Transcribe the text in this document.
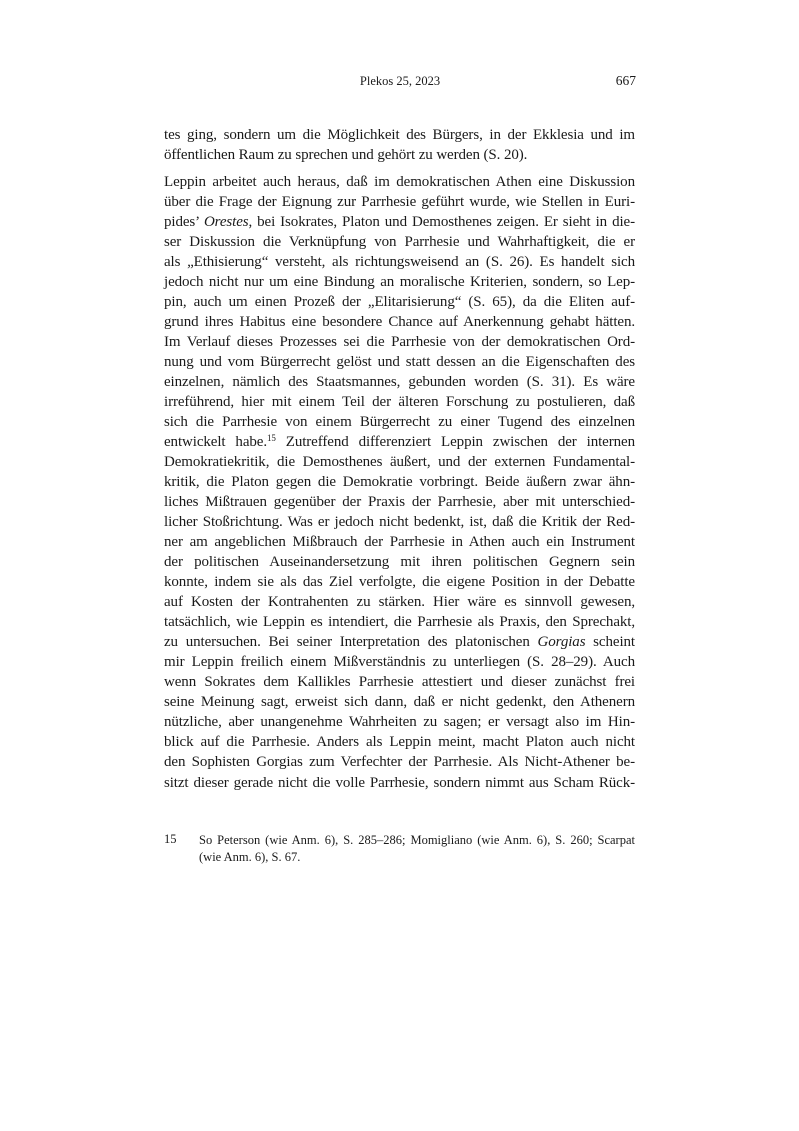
Plekos 25, 2023	667
tes ging, sondern um die Möglichkeit des Bürgers, in der Ekklesia und im
öffentlichen Raum zu sprechen und gehört zu werden (S. 20).
Leppin arbeitet auch heraus, daß im demokratischen Athen eine Diskussion
über die Frage der Eignung zur Parrhesie geführt wurde, wie Stellen in Euri-
pides’ Orestes, bei Isokrates, Platon und Demosthenes zeigen. Er sieht in die-
ser Diskussion die Verknüpfung von Parrhesie und Wahrhaftigkeit, die er
als „Ethisierung“ versteht, als richtungsweisend an (S. 26). Es handelt sich
jedoch nicht nur um eine Bindung an moralische Kriterien, sondern, so Lep-
pin, auch um einen Prozeß der „Elitarisierung“ (S. 65), da die Eliten auf-
grund ihres Habitus eine besondere Chance auf Anerkennung gehabt hätten.
Im Verlauf dieses Prozesses sei die Parrhesie von der demokratischen Ord-
nung und vom Bürgerrecht gelöst und statt dessen an die Eigenschaften des
einzelnen, nämlich des Staatsmannes, gebunden worden (S. 31). Es wäre
irreführend, hier mit einem Teil der älteren Forschung zu postulieren, daß
sich die Parrhesie von einem Bürgerrecht zu einer Tugend des einzelnen
entwickelt habe.$^{15}$ Zutreffend differenziert Leppin zwischen der internen
Demokratiekritik, die Demosthenes äußert, und der externen Fundamental-
kritik, die Platon gegen die Demokratie vorbringt. Beide äußern zwar ähn-
liches Mißtrauen gegenüber der Praxis der Parrhesie, aber mit unterschied-
licher Stoßrichtung. Was er jedoch nicht bedenkt, ist, daß die Kritik der Red-
ner am angeblichen Mißbrauch der Parrhesie in Athen auch ein Instrument
der politischen Auseinandersetzung mit ihren politischen Gegnern sein
konnte, indem sie als das Ziel verfolgte, die eigene Position in der Debatte
auf Kosten der Kontrahenten zu stärken. Hier wäre es sinnvoll gewesen,
tatsächlich, wie Leppin es intendiert, die Parrhesie als Praxis, den Sprechakt,
zu untersuchen. Bei seiner Interpretation des platonischen Gorgias scheint
mir Leppin freilich einem Mißverständnis zu unterliegen (S. 28–29). Auch
wenn Sokrates dem Kallikles Parrhesie attestiert und dieser zunächst frei
seine Meinung sagt, erweist sich dann, daß er nicht gedenkt, den Athenern
nützliche, aber unangenehme Wahrheiten zu sagen; er versagt also im Hin-
blick auf die Parrhesie. Anders als Leppin meint, macht Platon auch nicht
den Sophisten Gorgias zum Verfechter der Parrhesie. Als Nicht-Athener be-
sitzt dieser gerade nicht die volle Parrhesie, sondern nimmt aus Scham Rück-
15 So Peterson (wie Anm. 6), S. 285–286; Momigliano (wie Anm. 6), S. 260; Scarpat
(wie Anm. 6), S. 67.
